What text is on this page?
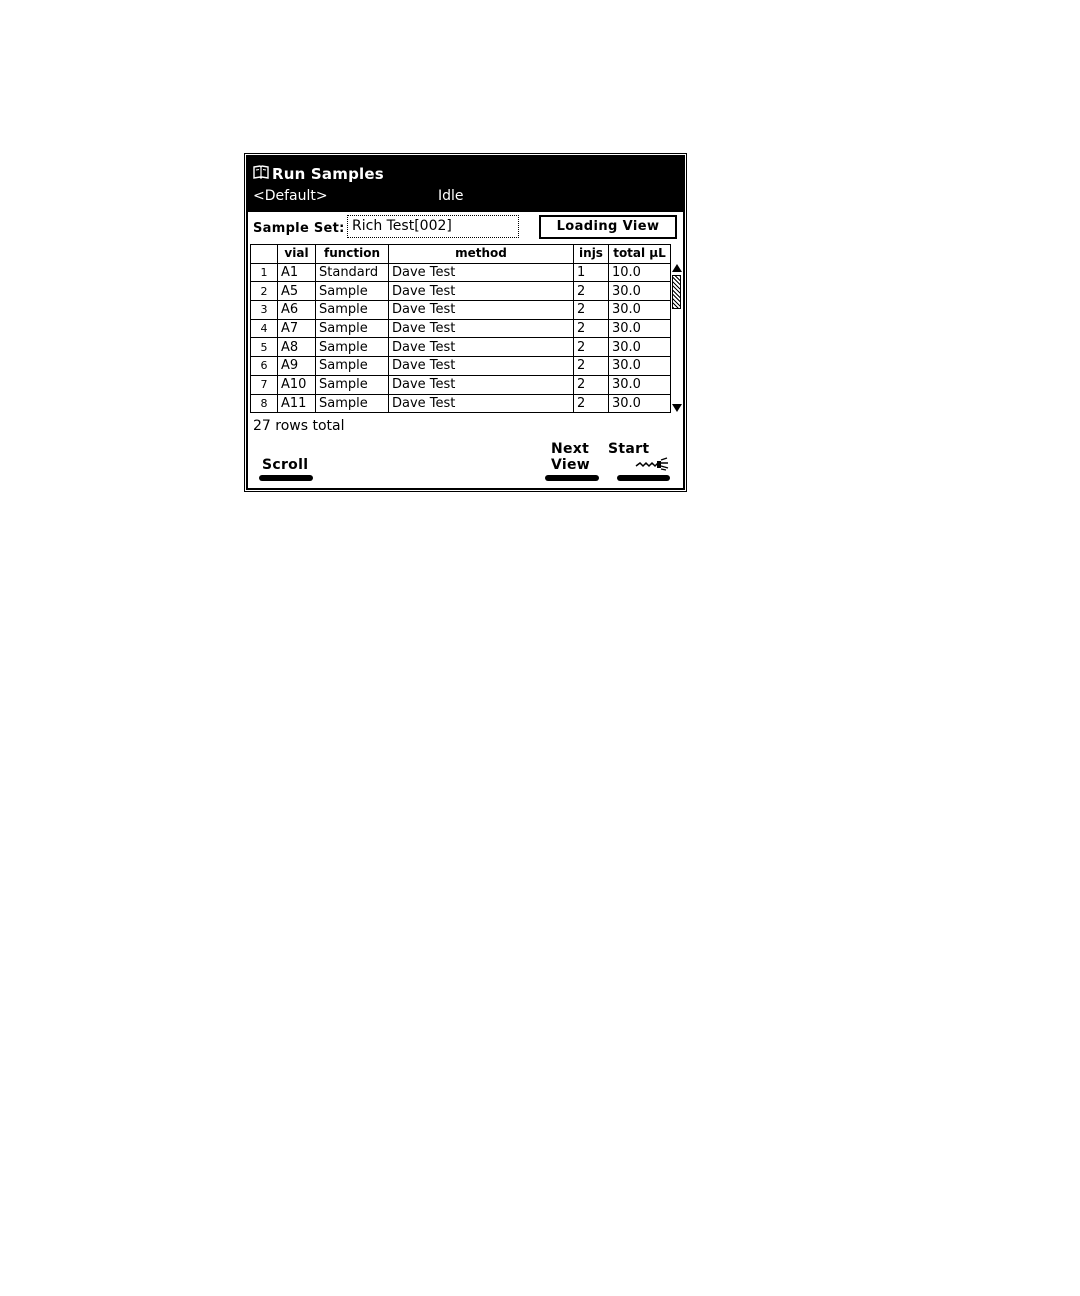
Run Samples
<Default>	Idle
Sample Set: Rich Test[002]	Loading View
	vial	function	method	injs	total µL
1	A1	Standard	Dave Test	1	10.0
2	A5	Sample	Dave Test	2	30.0
3	A6	Sample	Dave Test	2	30.0
4	A7	Sample	Dave Test	2	30.0
5	A8	Sample	Dave Test	2	30.0
6	A9	Sample	Dave Test	2	30.0
7	A10	Sample	Dave Test	2	30.0
8	A11	Sample	Dave Test	2	30.0
27 rows total
Scroll
Next
View
Start
